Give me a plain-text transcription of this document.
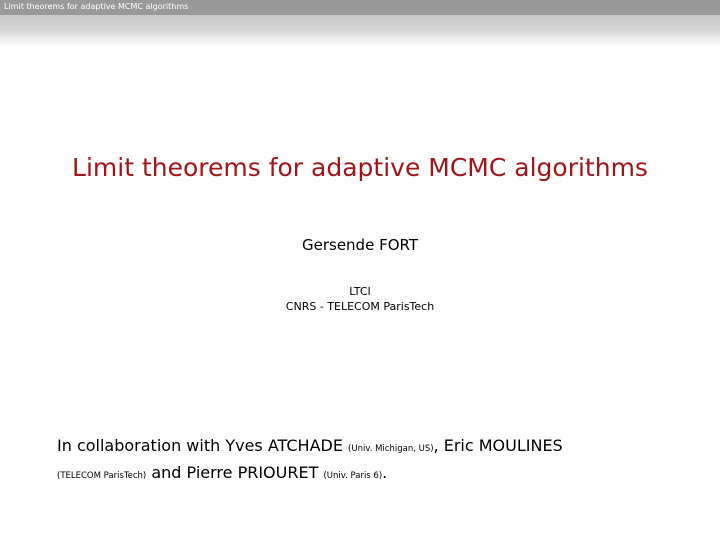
Limit theorems for adaptive MCMC algorithms
Limit theorems for adaptive MCMC algorithms
Gersende FORT
LTCI
CNRS - TELECOM ParisTech
In collaboration with Yves ATCHADE (Univ. Michigan, US), Eric MOULINES
(TELECOM ParisTech) and Pierre PRIOURET (Univ. Paris 6).
